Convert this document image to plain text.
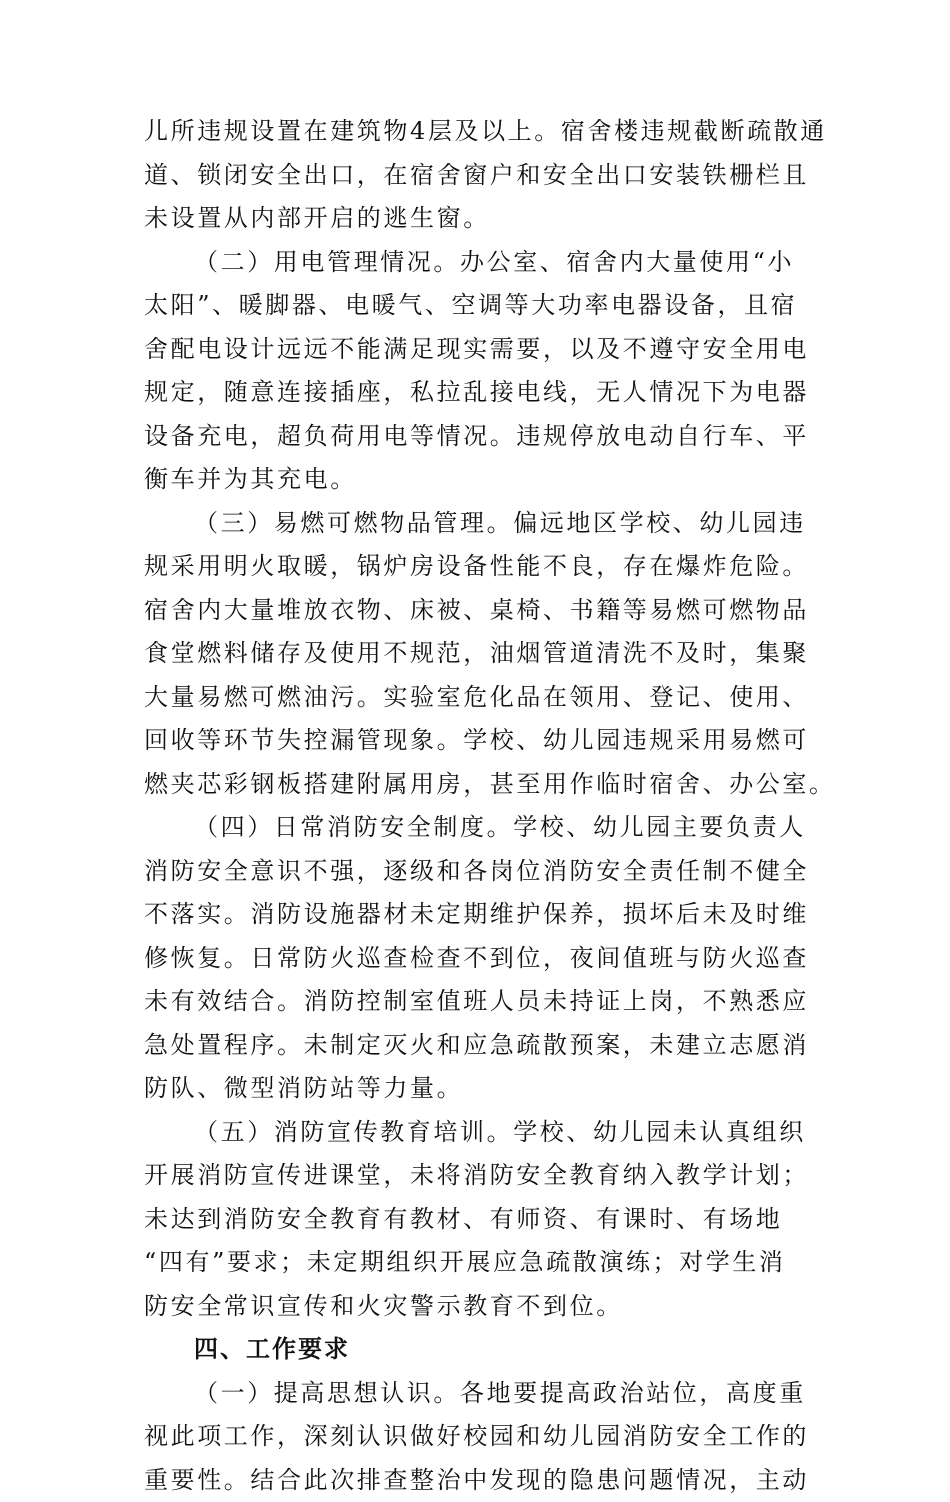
儿所违规设置在建筑物4层及以上。宿舍楼违规截断疏散通
道、锁闭安全出口，在宿舍窗户和安全出口安装铁栅栏且
未设置从内部开启的逃生窗。
（二）用电管理情况。办公室、宿舍内大量使用“小
太阳”、暖脚器、电暖气、空调等大功率电器设备，且宿
舍配电设计远远不能满足现实需要，以及不遵守安全用电
规定，随意连接插座，私拉乱接电线，无人情况下为电器
设备充电，超负荷用电等情况。违规停放电动自行车、平
衡车并为其充电。
（三）易燃可燃物品管理。偏远地区学校、幼儿园违
规采用明火取暖，锅炉房设备性能不良，存在爆炸危险。
宿舍内大量堆放衣物、床被、桌椅、书籍等易燃可燃物品
食堂燃料储存及使用不规范，油烟管道清洗不及时，集聚
大量易燃可燃油污。实验室危化品在领用、登记、使用、
回收等环节失控漏管现象。学校、幼儿园违规采用易燃可
燃夹芯彩钢板搭建附属用房，甚至用作临时宿舍、办公室。
（四）日常消防安全制度。学校、幼儿园主要负责人
消防安全意识不强，逐级和各岗位消防安全责任制不健全
不落实。消防设施器材未定期维护保养，损坏后未及时维
修恢复。日常防火巡查检查不到位，夜间值班与防火巡查
未有效结合。消防控制室值班人员未持证上岗，不熟悉应
急处置程序。未制定灭火和应急疏散预案，未建立志愿消
防队、微型消防站等力量。
（五）消防宣传教育培训。学校、幼儿园未认真组织
开展消防宣传进课堂，未将消防安全教育纳入教学计划；
未达到消防安全教育有教材、有师资、有课时、有场地
“四有”要求；未定期组织开展应急疏散演练；对学生消
防安全常识宣传和火灾警示教育不到位。
四、工作要求
（一）提高思想认识。各地要提高政治站位，高度重
视此项工作，深刻认识做好校园和幼儿园消防安全工作的
重要性。结合此次排查整治中发现的隐患问题情况，主动
